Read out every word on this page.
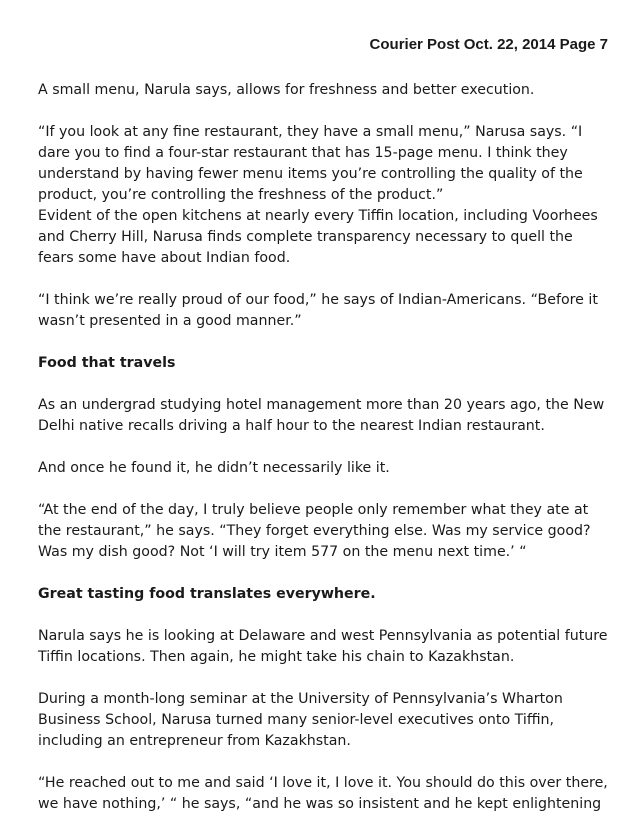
Courier Post Oct. 22, 2014 Page 7

A small menu, Narula says, allows for freshness and better execution.

“If you look at any fine restaurant, they have a small menu,” Narusa says. “I dare you to find a four-star restaurant that has 15-page menu. I think they understand by having fewer menu items you’re controlling the quality of the product, you’re controlling the freshness of the product.”

Evident of the open kitchens at nearly every Tiffin location, including Voorhees and Cherry Hill, Narusa finds complete transparency necessary to quell the fears some have about Indian food.

“I think we’re really proud of our food,” he says of Indian-Americans. “Before it wasn’t presented in a good manner.”

Food that travels

As an undergrad studying hotel management more than 20 years ago, the New Delhi native recalls driving a half hour to the nearest Indian restaurant.

And once he found it, he didn’t necessarily like it.

“At the end of the day, I truly believe people only remember what they ate at the restaurant,” he says. “They forget everything else. Was my service good? Was my dish good? Not ‘I will try item 577 on the menu next time.’ “

Great tasting food translates everywhere.

Narula says he is looking at Delaware and west Pennsylvania as potential future Tiffin locations. Then again, he might take his chain to Kazakhstan.

During a month-long seminar at the University of Pennsylvania’s Wharton Business School, Narusa turned many senior-level executives onto Tiffin, including an entrepreneur from Kazakhstan.

“He reached out to me and said ‘I love it, I love it. You should do this over there, we have nothing,’ “ he says, “and he was so insistent and he kept enlightening
